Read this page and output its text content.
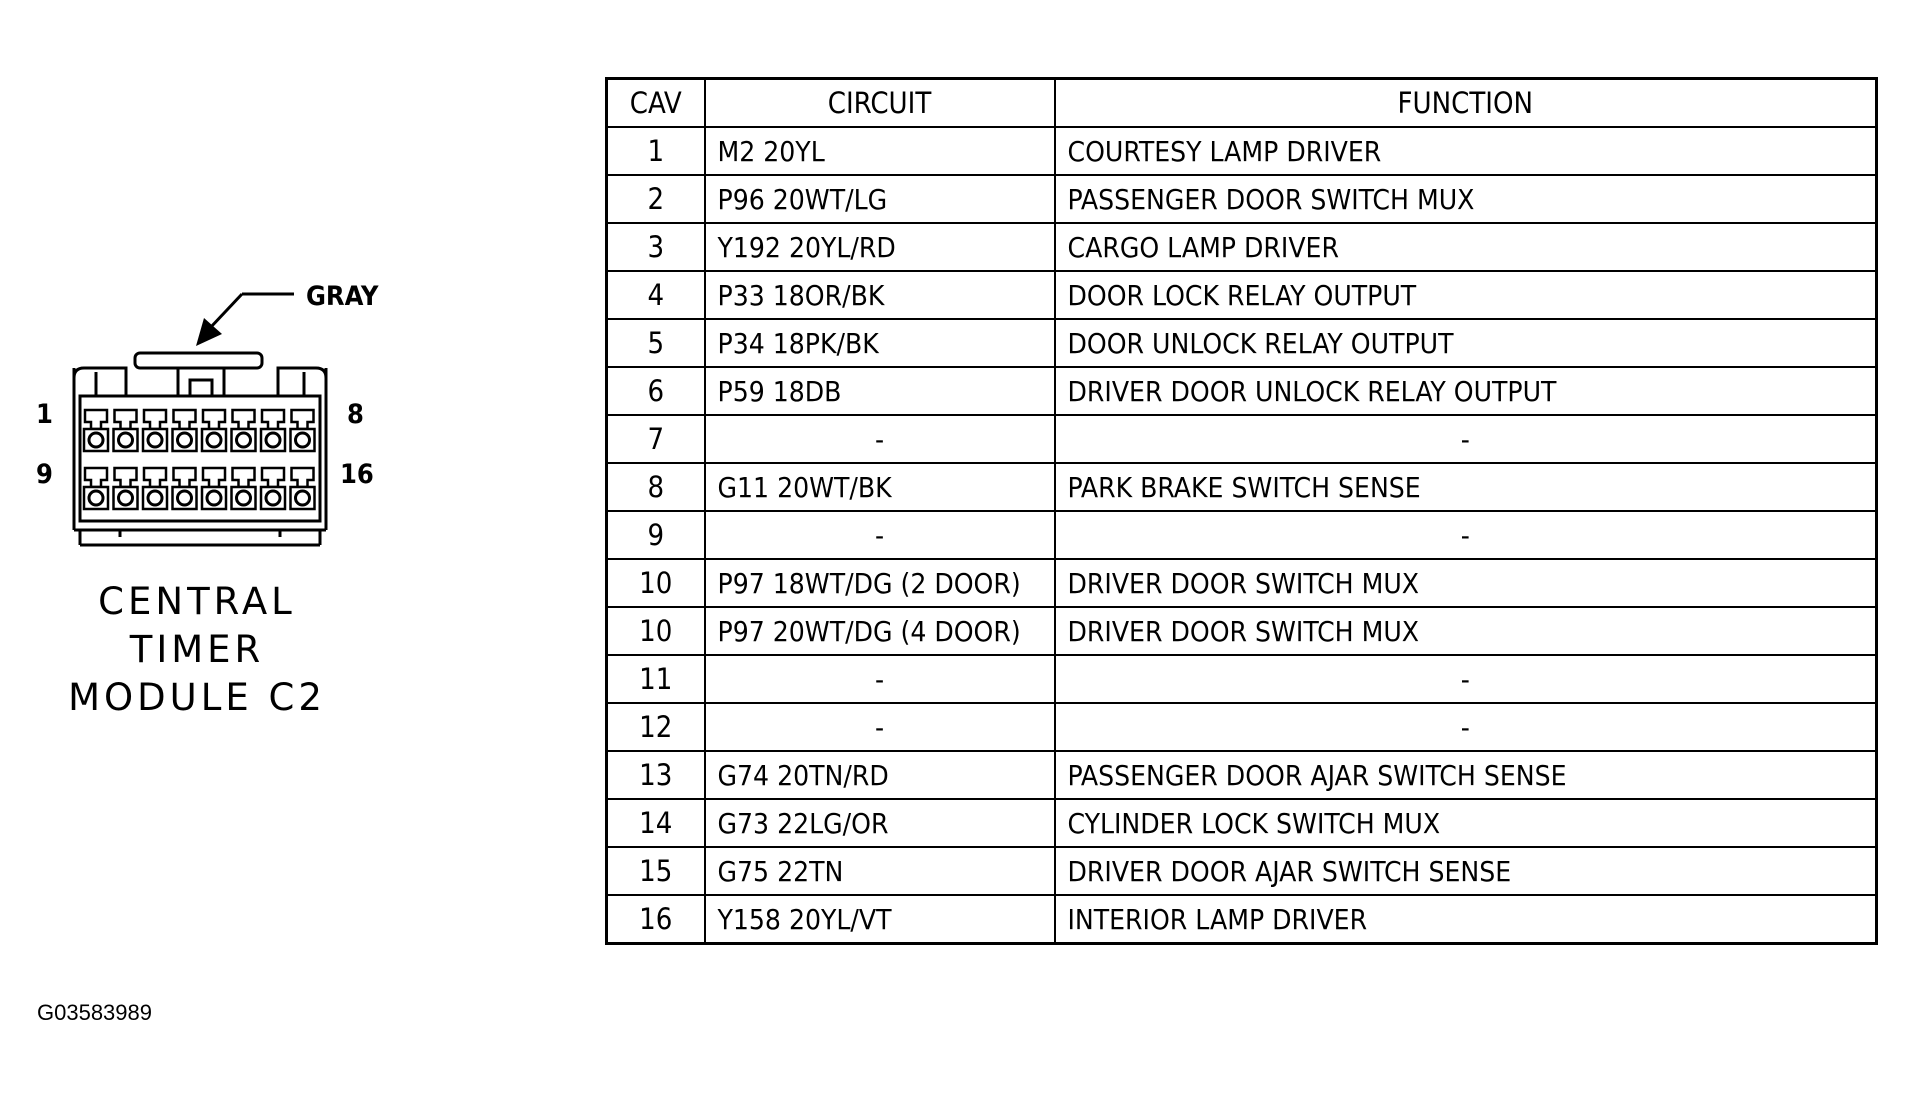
GRAY
1	8
9	16
CENTRAL
TIMER
MODULE C2
G03583989
CAV	CIRCUIT	FUNCTION
1	M2 20YL	COURTESY LAMP DRIVER
2	P96 20WT/LG	PASSENGER DOOR SWITCH MUX
3	Y192 20YL/RD	CARGO LAMP DRIVER
4	P33 18OR/BK	DOOR LOCK RELAY OUTPUT
5	P34 18PK/BK	DOOR UNLOCK RELAY OUTPUT
6	P59 18DB	DRIVER DOOR UNLOCK RELAY OUTPUT
7	-	-
8	G11 20WT/BK	PARK BRAKE SWITCH SENSE
9	-	-
10	P97 18WT/DG (2 DOOR)	DRIVER DOOR SWITCH MUX
10	P97 20WT/DG (4 DOOR)	DRIVER DOOR SWITCH MUX
11	-	-
12	-	-
13	G74 20TN/RD	PASSENGER DOOR AJAR SWITCH SENSE
14	G73 22LG/OR	CYLINDER LOCK SWITCH MUX
15	G75 22TN	DRIVER DOOR AJAR SWITCH SENSE
16	Y158 20YL/VT	INTERIOR LAMP DRIVER
